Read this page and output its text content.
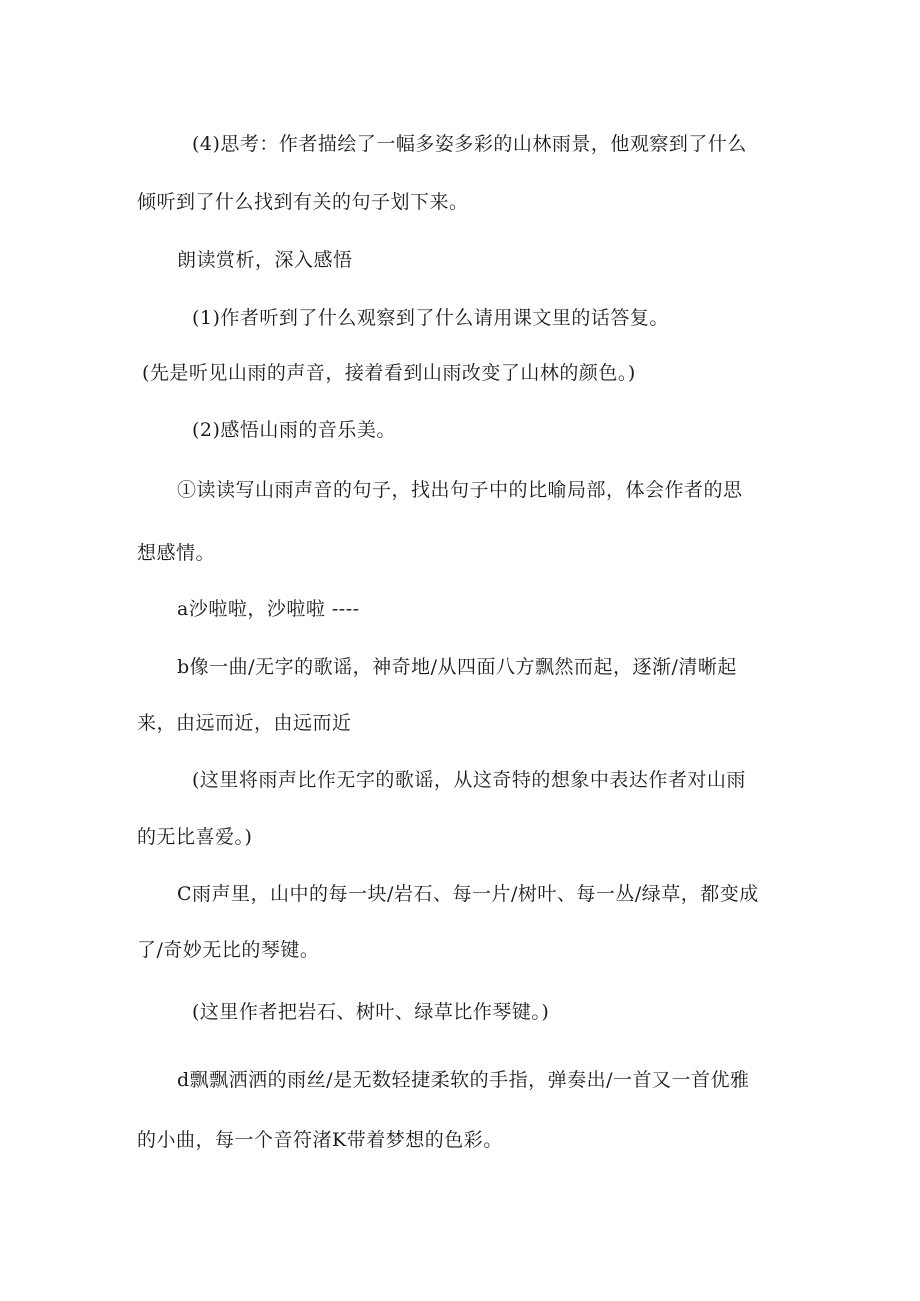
(4)思考：作者描绘了一幅多姿多彩的山林雨景，他观察到了什么
倾听到了什么找到有关的句子划下来。
朗读赏析，深入感悟
(1)作者听到了什么观察到了什么请用课文里的话答复。
(先是听见山雨的声音，接着看到山雨改变了山林的颜色。)
(2)感悟山雨的音乐美。
①读读写山雨声音的句子，找出句子中的比喻局部，体会作者的思
想感情。
a沙啦啦，沙啦啦 ----
b像一曲/无字的歌谣，神奇地/从四面八方飘然而起，逐渐/清晰起
来，由远而近，由远而近
(这里将雨声比作无字的歌谣，从这奇特的想象中表达作者对山雨
的无比喜爱。)
C雨声里，山中的每一块/岩石、每一片/树叶、每一丛/绿草，都变成
了/奇妙无比的琴键。
(这里作者把岩石、树叶、绿草比作琴键。)
d飘飘洒洒的雨丝/是无数轻捷柔软的手指，弹奏出/一首又一首优雅
的小曲，每一个音符渚K带着梦想的色彩。
